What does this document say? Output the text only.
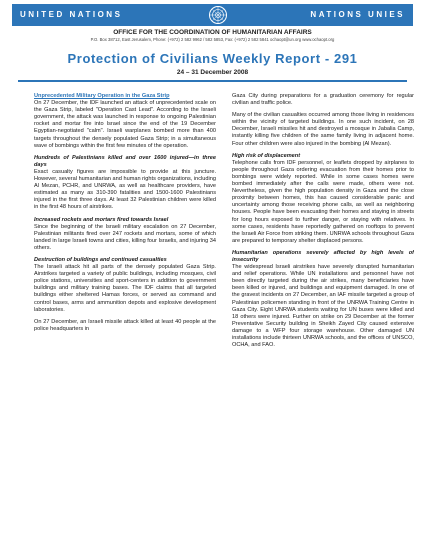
UNITED NATIONS	NATIONS UNIES
OFFICE FOR THE COORDINATION OF HUMANITARIAN AFFAIRS
P.O. Box 38712, East Jerusalem, Phone: (+972) 2 582 9962 / 582 5853, Fax: (+972) 2 582 5841 ochaopt@un.org www.ochaopt.org
Protection of Civilians Weekly Report - 291
24 – 31 December 2008
Unprecedented Military Operation in the Gaza Strip

On 27 December, the IDF launched an attack of unprecedented scale on the Gaza Strip, labeled "Operation Cast Lead". According to the Israeli government, the attack was launched in response to ongoing Palestinian rocket and mortar fire into Israel since the end of the 19 December Egyptian-negotiated "calm". Israeli warplanes bombed more than 400 targets throughout the densely populated Gaza Strip; in a simultaneous wave of bombings within the first few minutes of the operation.

Hundreds of Palestinians killed and over 1600 injured—in three days

Exact casualty figures are impossible to provide at this juncture. However, several humanitarian and human rights organizations, including Al Mezan, PCHR, and UNRWA, as well as healthcare providers, have estimated as many as 310-390 fatalities and 1500-1600 Palestinians injured in the first three days. At least 32 Palestinian children were killed in the first 48 hours of airstrikes.

Increased rockets and mortars fired towards Israel

Since the beginning of the Israeli military escalation on 27 December, Palestinian militants fired over 247 rockets and mortars, some of which landed in large Israeli towns and cities, killing four Israelis, and injuring 34 others.

Destruction of buildings and continued casualties

The Israeli attack hit all parts of the densely populated Gaza Strip. Airstrikes targeted a variety of public buildings, including mosques, civil police stations, universities and sport-centers in addition to government buildings and military training bases. The IDF claims that all targeted buildings either sheltered Hamas forces, or served as command and control bases, arms and ammunition depots and explosive development laboratories.

On 27 December, an Israeli missile attack killed at least 40 people at the police headquarters in

Gaza City during preparations for a graduation ceremony for regular civilian and traffic police.

Many of the civilian casualties occurred among those living in residences within the vicinity of targeted buildings. In one such incident, on 28 December, Israeli missiles hit and destroyed a mosque in Jabalia Camp, instantly killing five children of the same family living in adjacent home. Four other children were also injured in the bombing (Al Mezan).

High risk of displacement

Telephone calls from IDF personnel, or leaflets dropped by airplanes to people throughout Gaza ordering evacuation from their homes prior to bombings were widely reported. While in some cases homes were bombed immediately after the calls were made, others were not. Nevertheless, given the high population density in Gaza and the close proximity between homes, this has caused considerable panic and uncertainty among those receiving phone calls, as well as neighboring houses. People have been evacuating their homes and staying in streets for long hours exposed to further danger, or staying with relatives. In some cases, residents have reportedly gathered on rooftops to prevent the Israeli Air Force from striking them. UNRWA schools throughout Gaza are prepared to temporary shelter displaced persons.

Humanitarian operations severely affected by high levels of insecurity

The widespread Israeli airstrikes have severely disrupted humanitarian and relief operations. While UN installations and personnel have not been directly targeted during the air strikes, many beneficiaries have been killed or injured, and buildings and equipment damaged. In one of the gravest incidents on 27 December, an IAF missile targeted a group of Palestinian policemen standing in front of the UNRWA Training Centre in Gaza City. Eight UNRWA students waiting for UN buses were killed and 18 others were injured. Further on strike on 29 December at the former Preventative Security building in Sheikh Zayed City caused extensive damage to a WFP four storage warehouse. Other damaged UN installations include thirteen UNRWA schools, and the offices of UNSCO, OCHA, and FAO.
